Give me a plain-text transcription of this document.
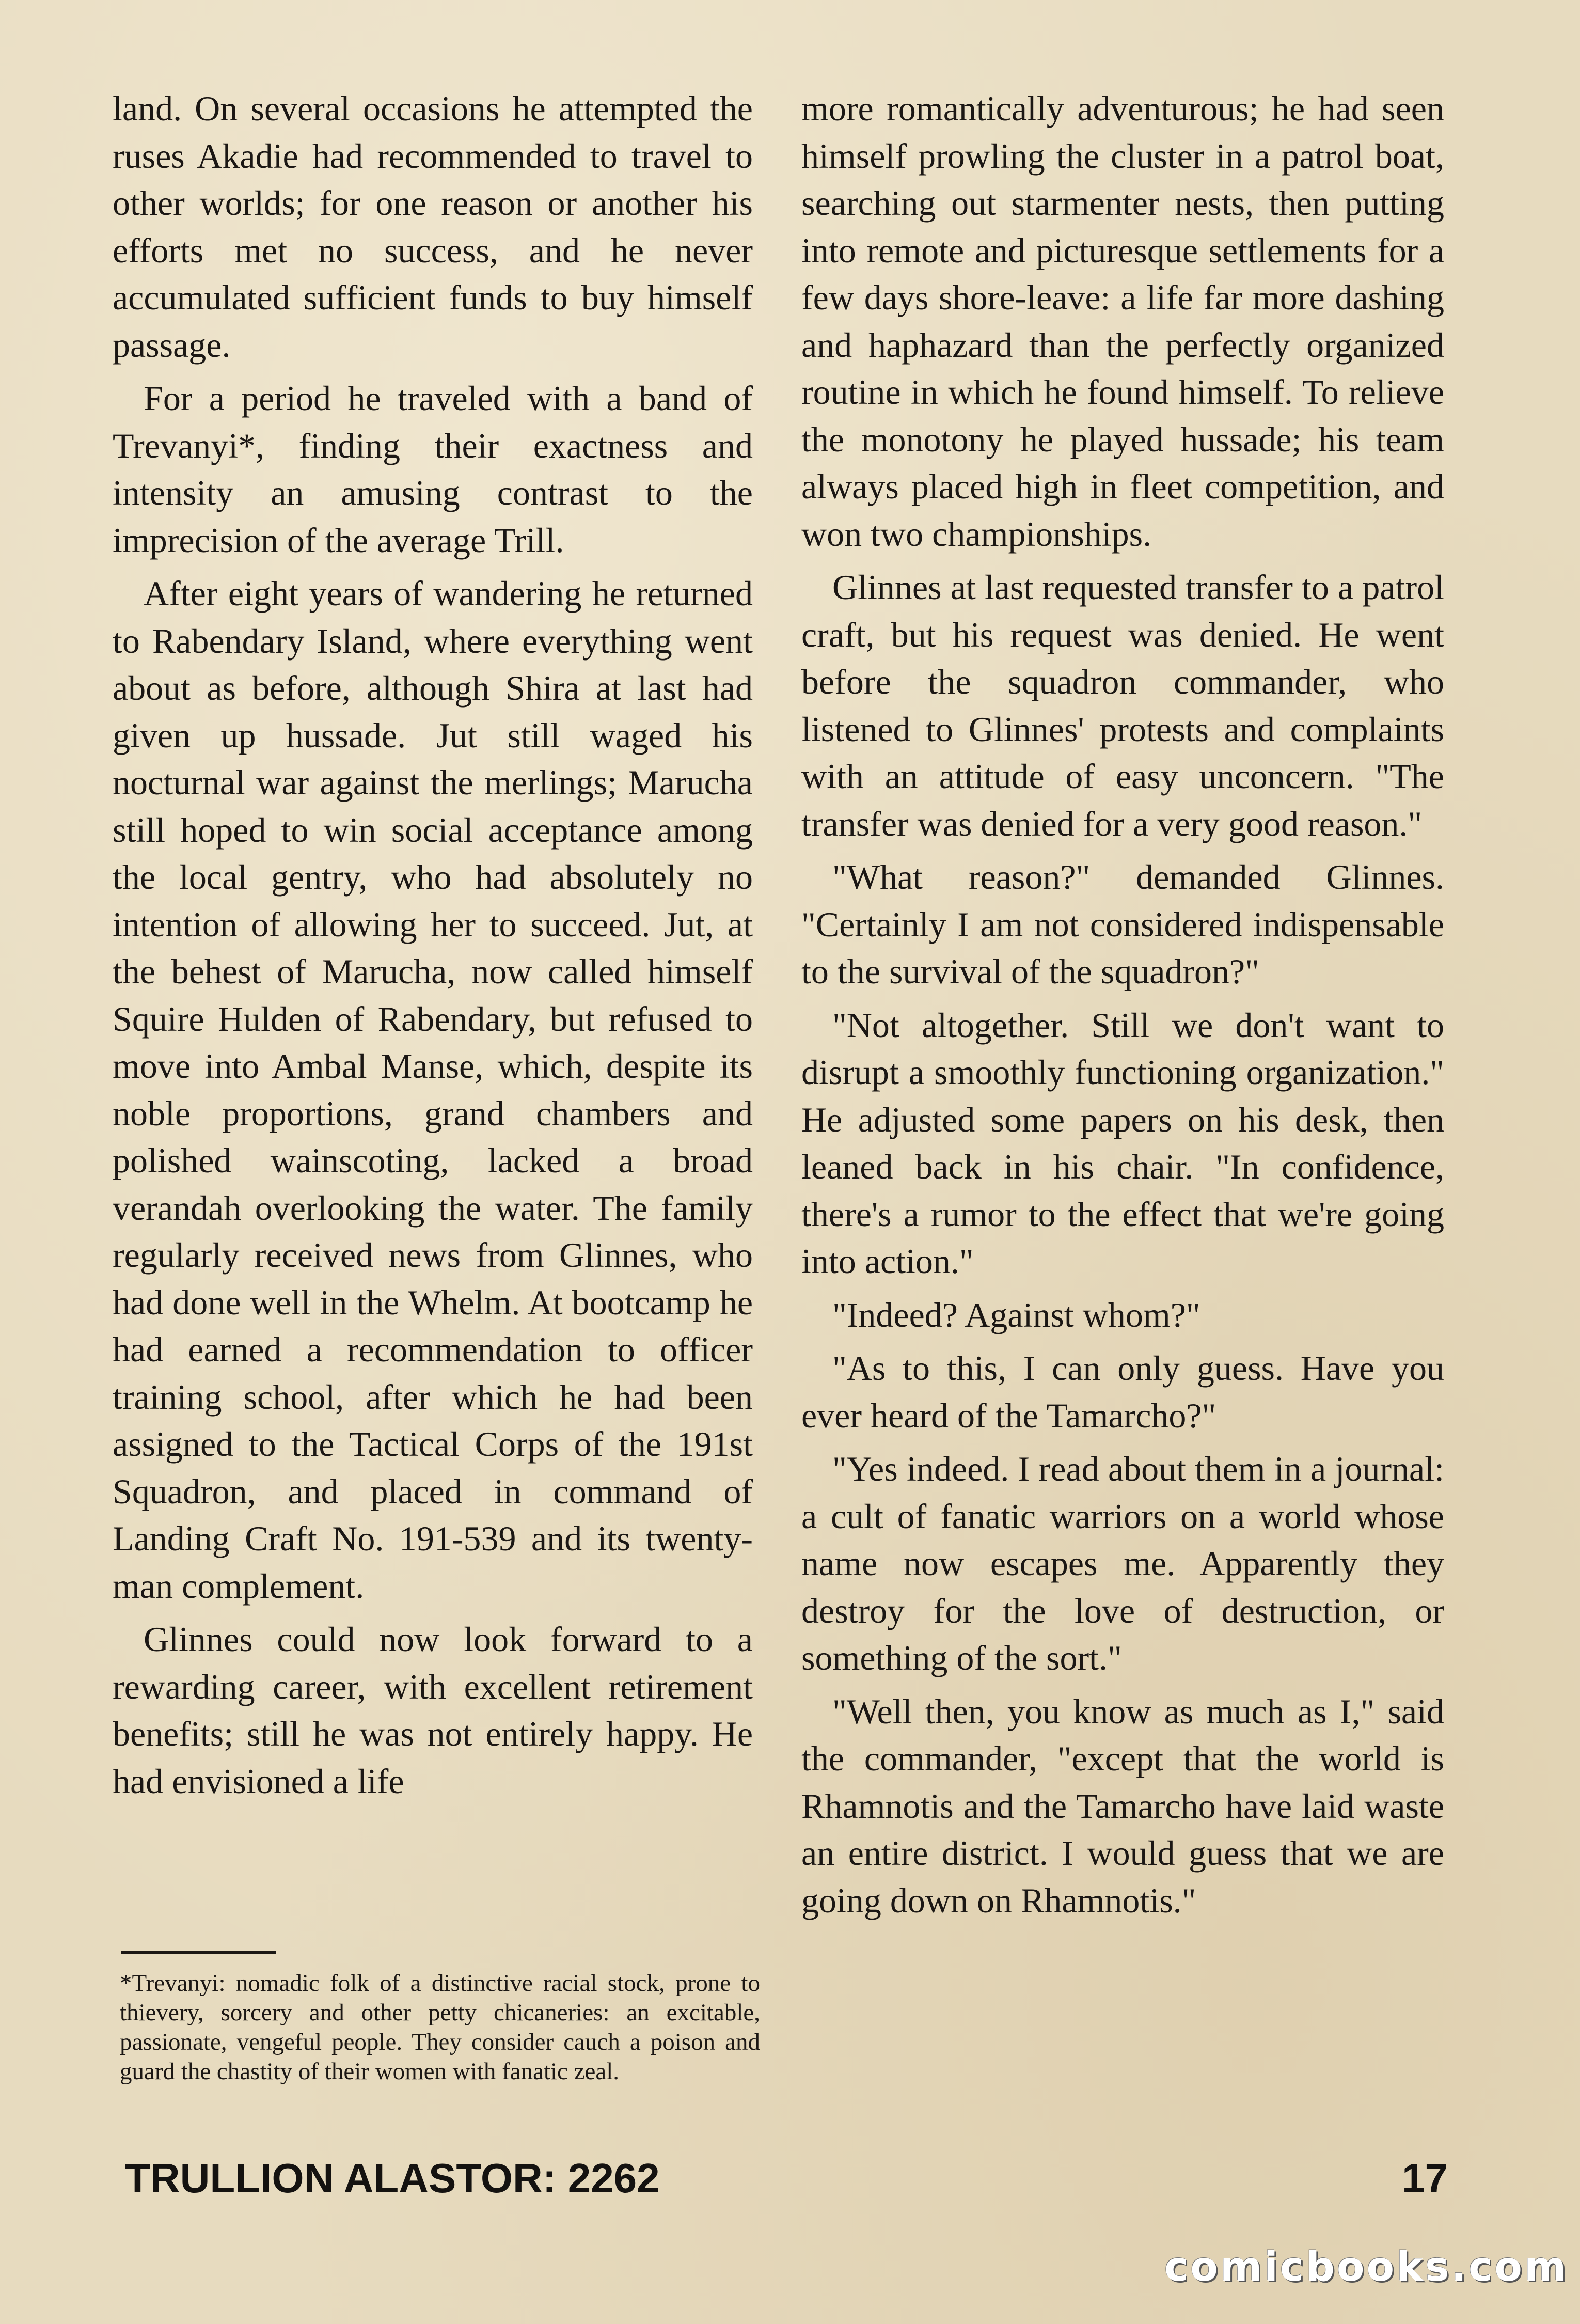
land. On several occasions he attempted the ruses Akadie had recommended to travel to other worlds; for one reason or another his efforts met no success, and he never accumulated sufficient funds to buy himself passage.

For a period he traveled with a band of Trevanyi*, finding their exactness and intensity an amusing contrast to the imprecision of the average Trill.

After eight years of wandering he returned to Rabendary Island, where everything went about as before, although Shira at last had given up hussade. Jut still waged his nocturnal war against the merlings; Marucha still hoped to win social acceptance among the local gentry, who had absolutely no intention of allowing her to succeed. Jut, at the behest of Marucha, now called himself Squire Hulden of Rabendary, but refused to move into Ambal Manse, which, despite its noble proportions, grand chambers and polished wainscoting, lacked a broad verandah overlooking the water. The family regularly received news from Glinnes, who had done well in the Whelm. At bootcamp he had earned a recommendation to officer training school, after which he had been assigned to the Tactical Corps of the 191st Squadron, and placed in command of Landing Craft No. 191-539 and its twenty-man complement.

Glinnes could now look forward to a rewarding career, with excellent retirement benefits; still he was not entirely happy. He had envisioned a life

more romantically adventurous; he had seen himself prowling the cluster in a patrol boat, searching out starmenter nests, then putting into remote and picturesque settlements for a few days shore-leave: a life far more dashing and haphazard than the perfectly organized routine in which he found himself. To relieve the monotony he played hussade; his team always placed high in fleet competition, and won two championships.

Glinnes at last requested transfer to a patrol craft, but his request was denied. He went before the squadron commander, who listened to Glinnes' protests and complaints with an attitude of easy unconcern. "The transfer was denied for a very good reason."

"What reason?" demanded Glinnes. "Certainly I am not considered indispensable to the survival of the squadron?"

"Not altogether. Still we don't want to disrupt a smoothly functioning organization." He adjusted some papers on his desk, then leaned back in his chair. "In confidence, there's a rumor to the effect that we're going into action."

"Indeed? Against whom?"

"As to this, I can only guess. Have you ever heard of the Tamarcho?"

"Yes indeed. I read about them in a journal: a cult of fanatic warriors on a world whose name now escapes me. Apparently they destroy for the love of destruction, or something of the sort."

"Well then, you know as much as I," said the commander, "except that the world is Rhamnotis and the Tamarcho have laid waste an entire district. I would guess that we are going down on Rhamnotis."

*Trevanyi: nomadic folk of a distinctive racial stock, prone to thievery, sorcery and other petty chicaneries: an excitable, passionate, vengeful people. They consider cauch a poison and guard the chastity of their women with fanatic zeal.

TRULLION ALASTOR: 2262	17
comicbooks.com
